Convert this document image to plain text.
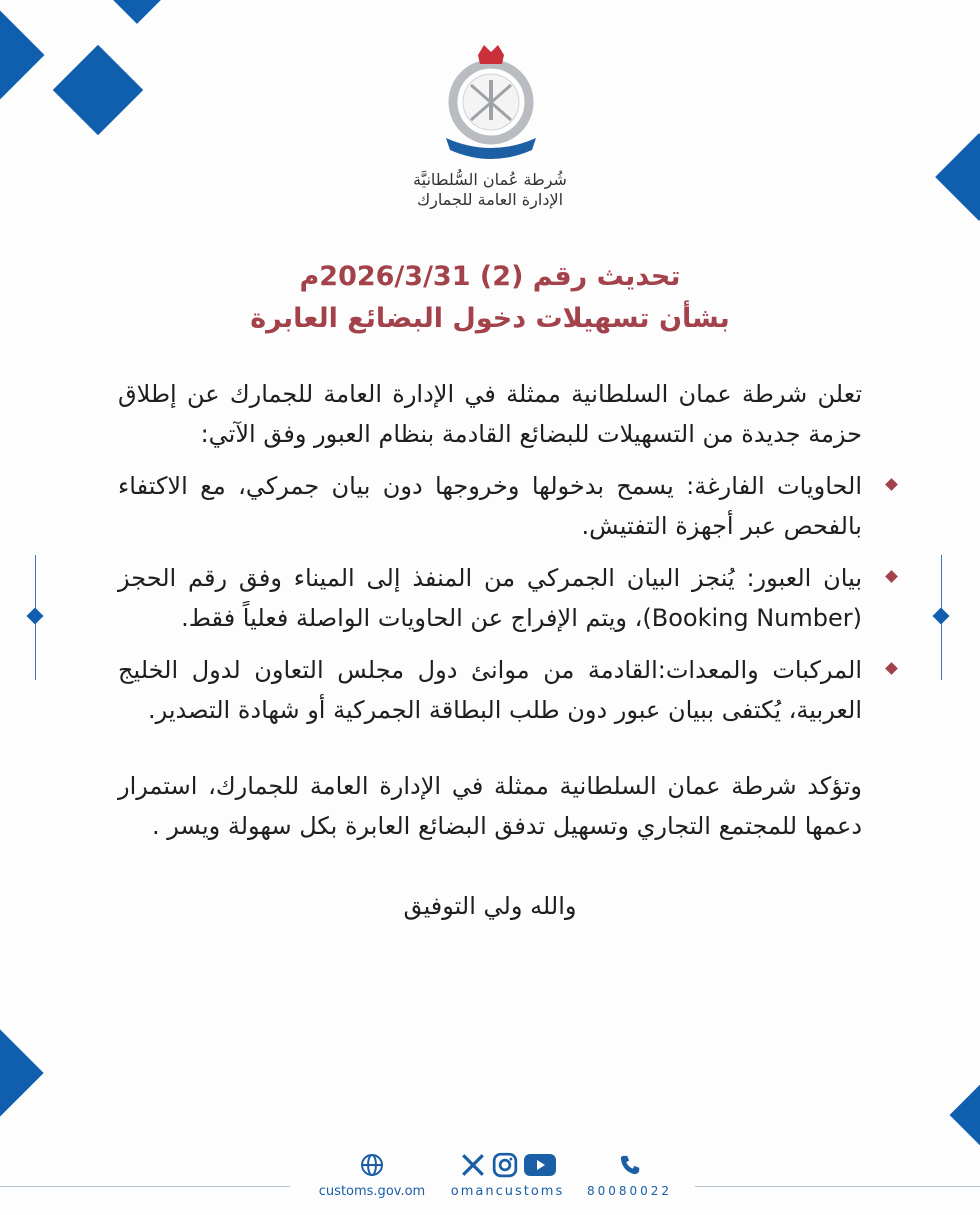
شُرطة عُمان السُّلطانيَّة
الإدارة العامة للجمارك
تحديث رقم (2) 2026/3/31م
بشأن تسهيلات دخول البضائع العابرة

تعلن شرطة عمان السلطانية ممثلة في الإدارة العامة للجمارك عن إطلاق حزمة جديدة من التسهيلات للبضائع القادمة بنظام العبور وفق الآتي:

الحاويات الفارغة: يسمح بدخولها وخروجها دون بيان جمركي، مع الاكتفاء بالفحص عبر أجهزة التفتيش.

بيان العبور: يُنجز البيان الجمركي من المنفذ إلى الميناء وفق رقم الحجز (Booking Number)، ويتم الإفراج عن الحاويات الواصلة فعلياً فقط.

المركبات والمعدات:القادمة من موانئ دول مجلس التعاون لدول الخليج العربية، يُكتفى ببيان عبور دون طلب البطاقة الجمركية أو شهادة التصدير.

وتؤكد شرطة عمان السلطانية ممثلة في الإدارة العامة للجمارك، استمرار دعمها للمجتمع التجاري وتسهيل تدفق البضائع العابرة بكل سهولة ويسر .

والله ولي التوفيق

customs.gov.om	omancustoms	80080022
